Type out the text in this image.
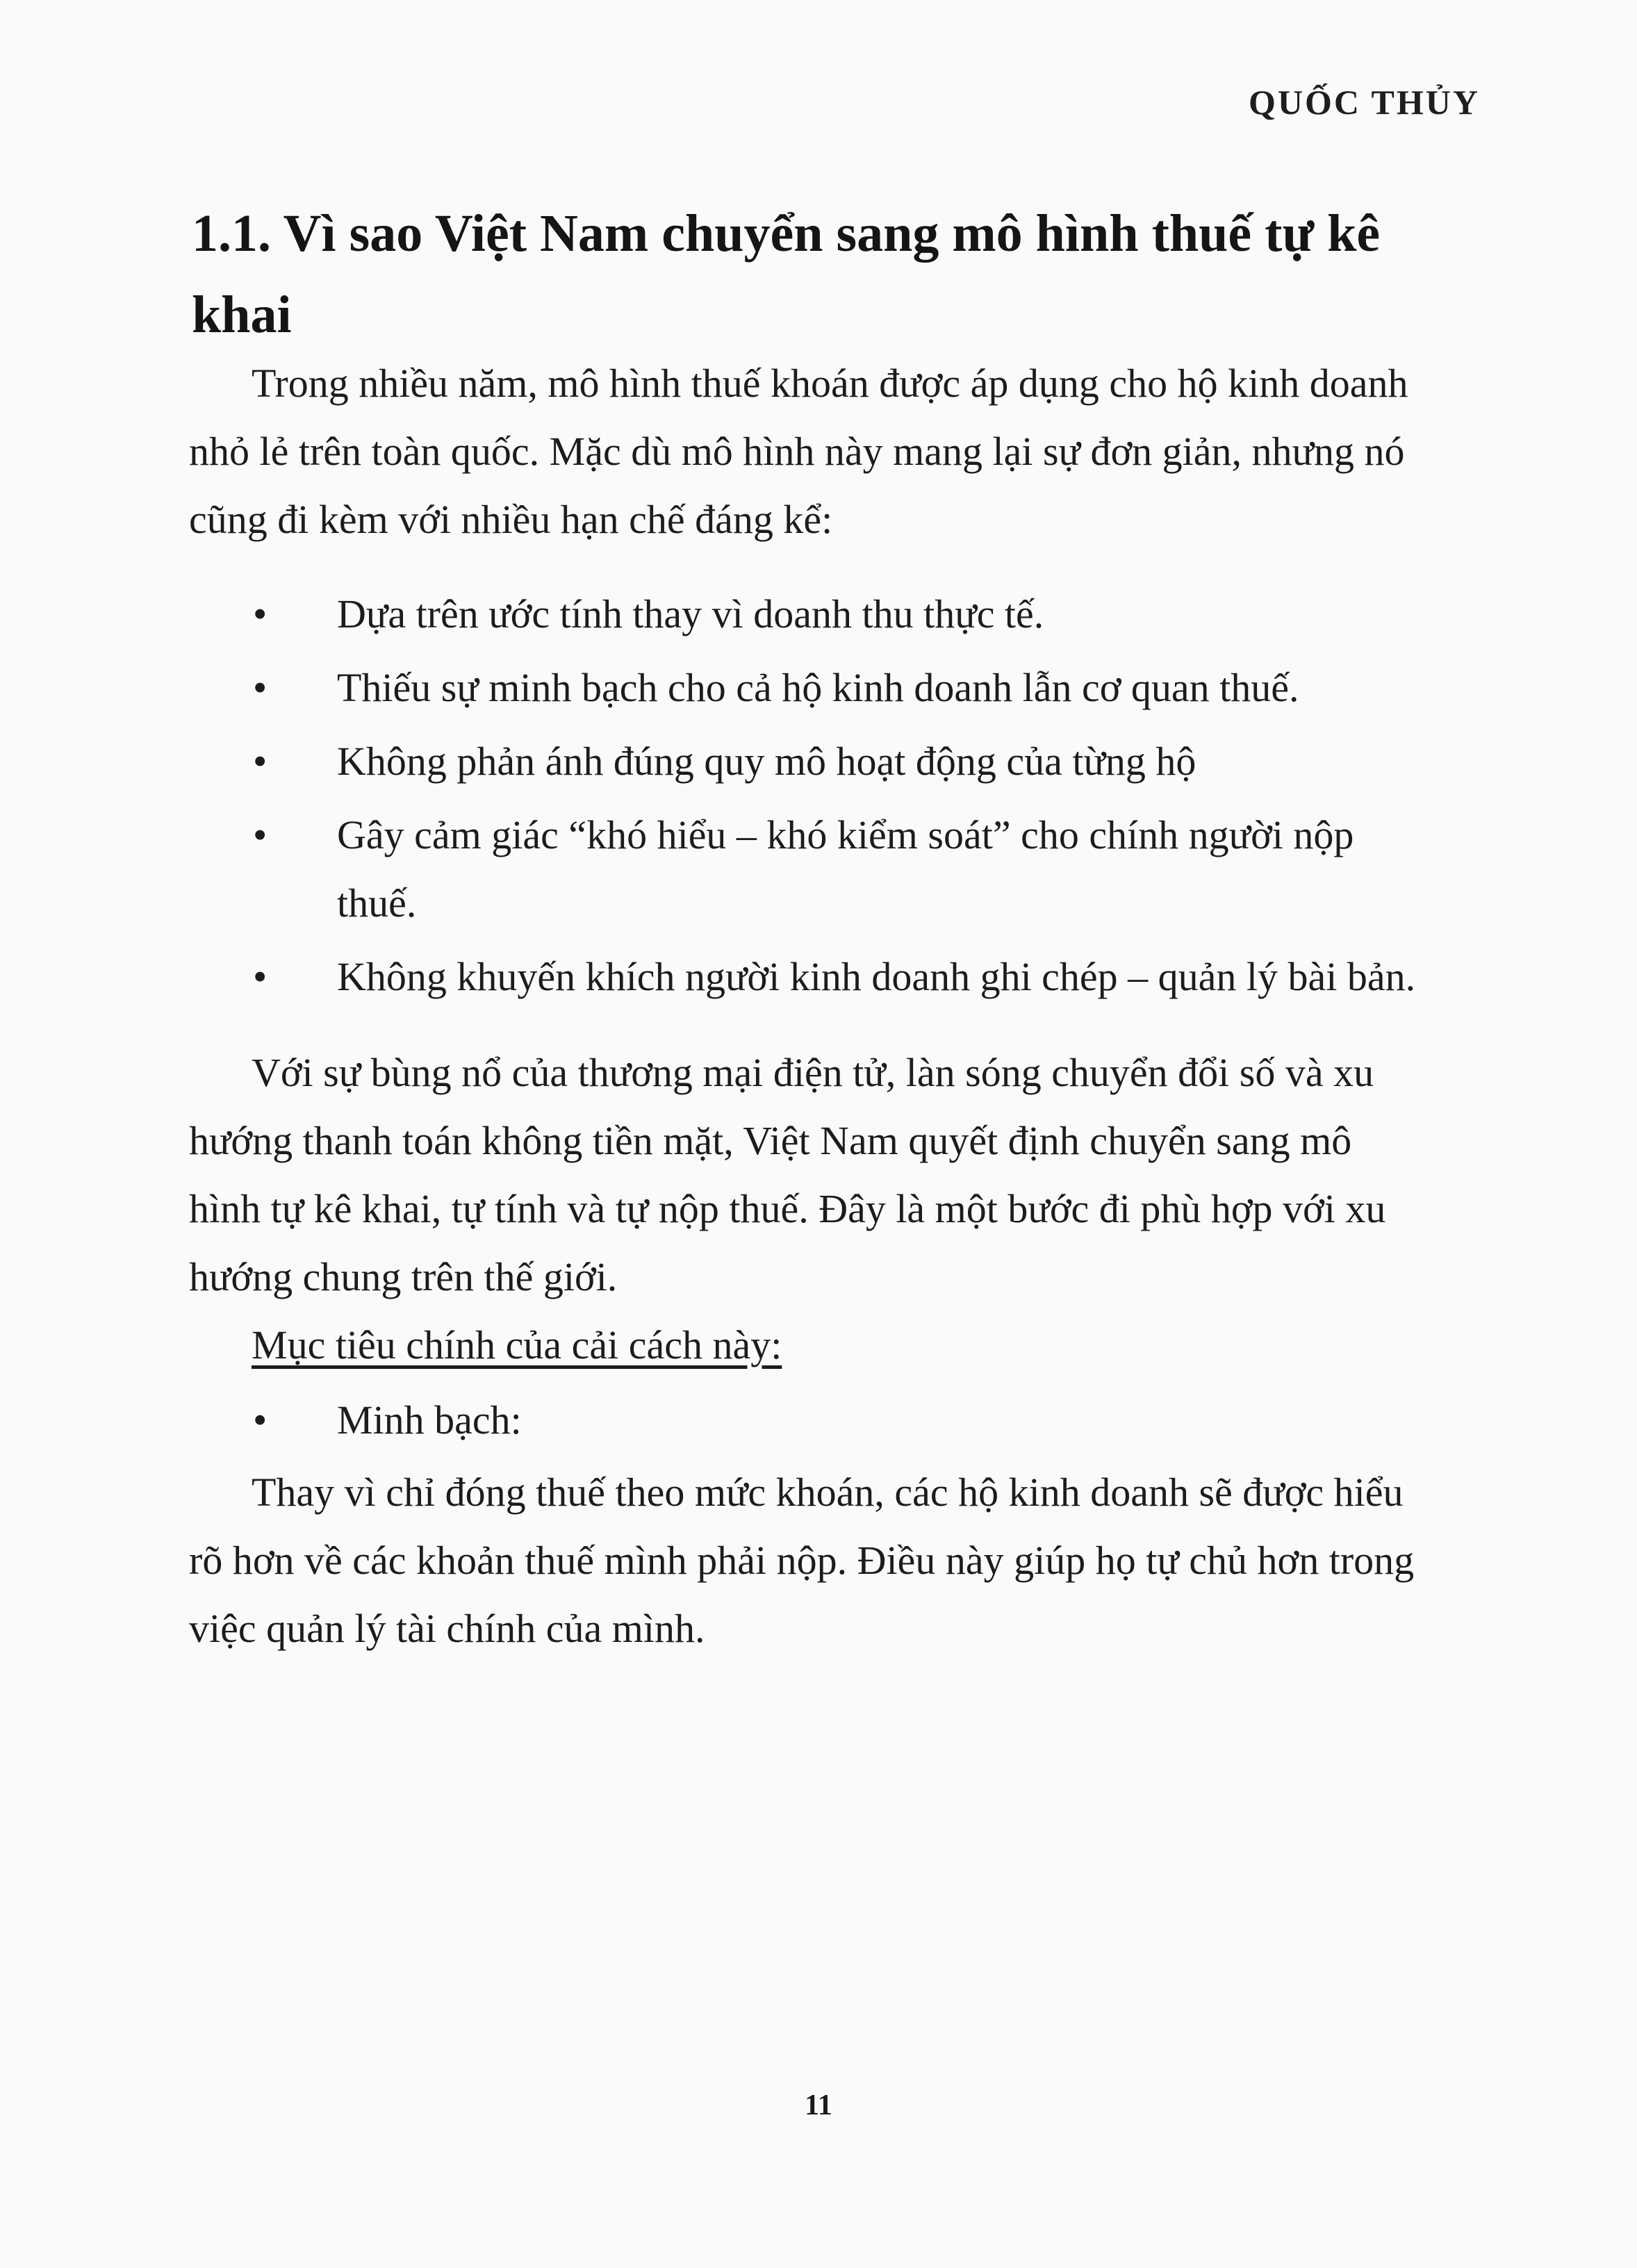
QUỐC THỦY
1.1. Vì sao Việt Nam chuyển sang mô hình thuế tự kê khai

Trong nhiều năm, mô hình thuế khoán được áp dụng cho hộ kinh doanh nhỏ lẻ trên toàn quốc. Mặc dù mô hình này mang lại sự đơn giản, nhưng nó cũng đi kèm với nhiều hạn chế đáng kể:

• Dựa trên ước tính thay vì doanh thu thực tế.
• Thiếu sự minh bạch cho cả hộ kinh doanh lẫn cơ quan thuế.
• Không phản ánh đúng quy mô hoạt động của từng hộ
• Gây cảm giác “khó hiểu – khó kiểm soát” cho chính người nộp thuế.
• Không khuyến khích người kinh doanh ghi chép – quản lý bài bản.

Với sự bùng nổ của thương mại điện tử, làn sóng chuyển đổi số và xu hướng thanh toán không tiền mặt, Việt Nam quyết định chuyển sang mô hình tự kê khai, tự tính và tự nộp thuế. Đây là một bước đi phù hợp với xu hướng chung trên thế giới.

Mục tiêu chính của cải cách này:

• Minh bạch:

Thay vì chỉ đóng thuế theo mức khoán, các hộ kinh doanh sẽ được hiểu rõ hơn về các khoản thuế mình phải nộp. Điều này giúp họ tự chủ hơn trong việc quản lý tài chính của mình.

11
